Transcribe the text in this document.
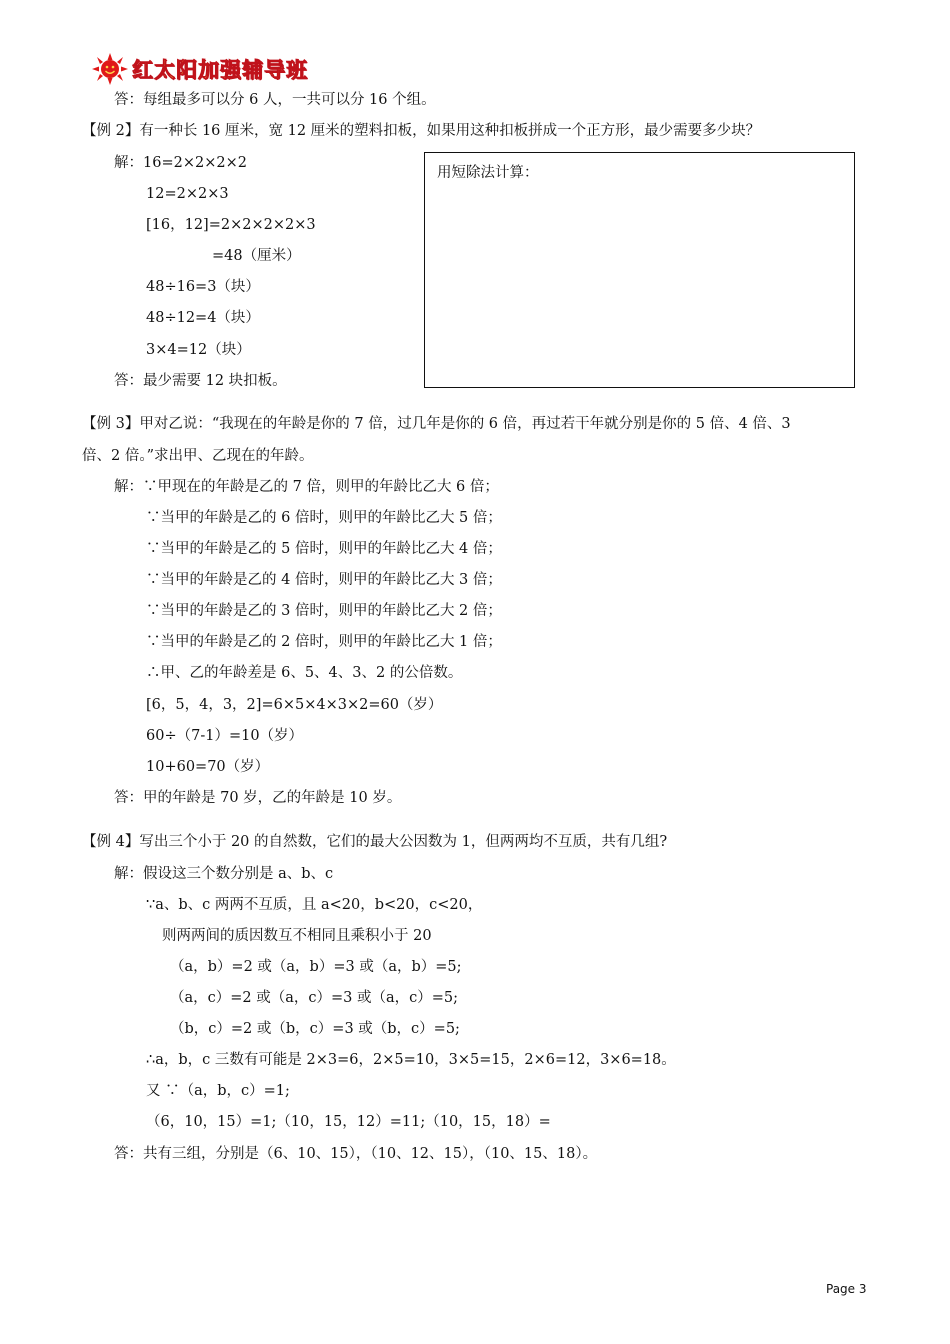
红太阳加强辅导班
答：每组最多可以分 6 人，一共可以分 16 个组。
【例 2】有一种长 16 厘米，宽 12 厘米的塑料扣板，如果用这种扣板拼成一个正方形，最少需要多少块？
解：16=2×2×2×2
12=2×2×3
[16，12]=2×2×2×2×3
=48（厘米）
48÷16=3（块）
48÷12=4（块）
3×4=12（块）
答：最少需要 12 块扣板。
用短除法计算：
【例 3】甲对乙说：“我现在的年龄是你的 7 倍，过几年是你的 6 倍，再过若干年就分别是你的 5 倍、4 倍、3
倍、2 倍。”求出甲、乙现在的年龄。
解：∵甲现在的年龄是乙的 7 倍，则甲的年龄比乙大 6 倍；
∵当甲的年龄是乙的 6 倍时，则甲的年龄比乙大 5 倍；
∵当甲的年龄是乙的 5 倍时，则甲的年龄比乙大 4 倍；
∵当甲的年龄是乙的 4 倍时，则甲的年龄比乙大 3 倍；
∵当甲的年龄是乙的 3 倍时，则甲的年龄比乙大 2 倍；
∵当甲的年龄是乙的 2 倍时，则甲的年龄比乙大 1 倍；
∴甲、乙的年龄差是 6、5、4、3、2 的公倍数。
[6，5，4，3，2]=6×5×4×3×2=60（岁）
60÷（7-1）=10（岁）
10+60=70（岁）
答：甲的年龄是 70 岁，乙的年龄是 10 岁。
【例 4】写出三个小于 20 的自然数，它们的最大公因数为 1，但两两均不互质，共有几组?
解：假设这三个数分别是 a、b、c
∵a、b、c 两两不互质，且 a<20，b<20，c<20，
则两两间的质因数互不相同且乘积小于 20
（a，b）=2 或（a，b）=3 或（a，b）=5;
（a，c）=2 或（a，c）=3 或（a，c）=5;
（b，c）=2 或（b，c）=3 或（b，c）=5;
∴a，b，c 三数有可能是 2×3=6，2×5=10，3×5=15，2×6=12，3×6=18。
又 ∵（a，b，c）=1;
（6，10，15）=1;（10，15，12）=11;（10，15，18）=
答：共有三组，分别是（6、10、15），（10、12、15），（10、15、18）。
Page 3
